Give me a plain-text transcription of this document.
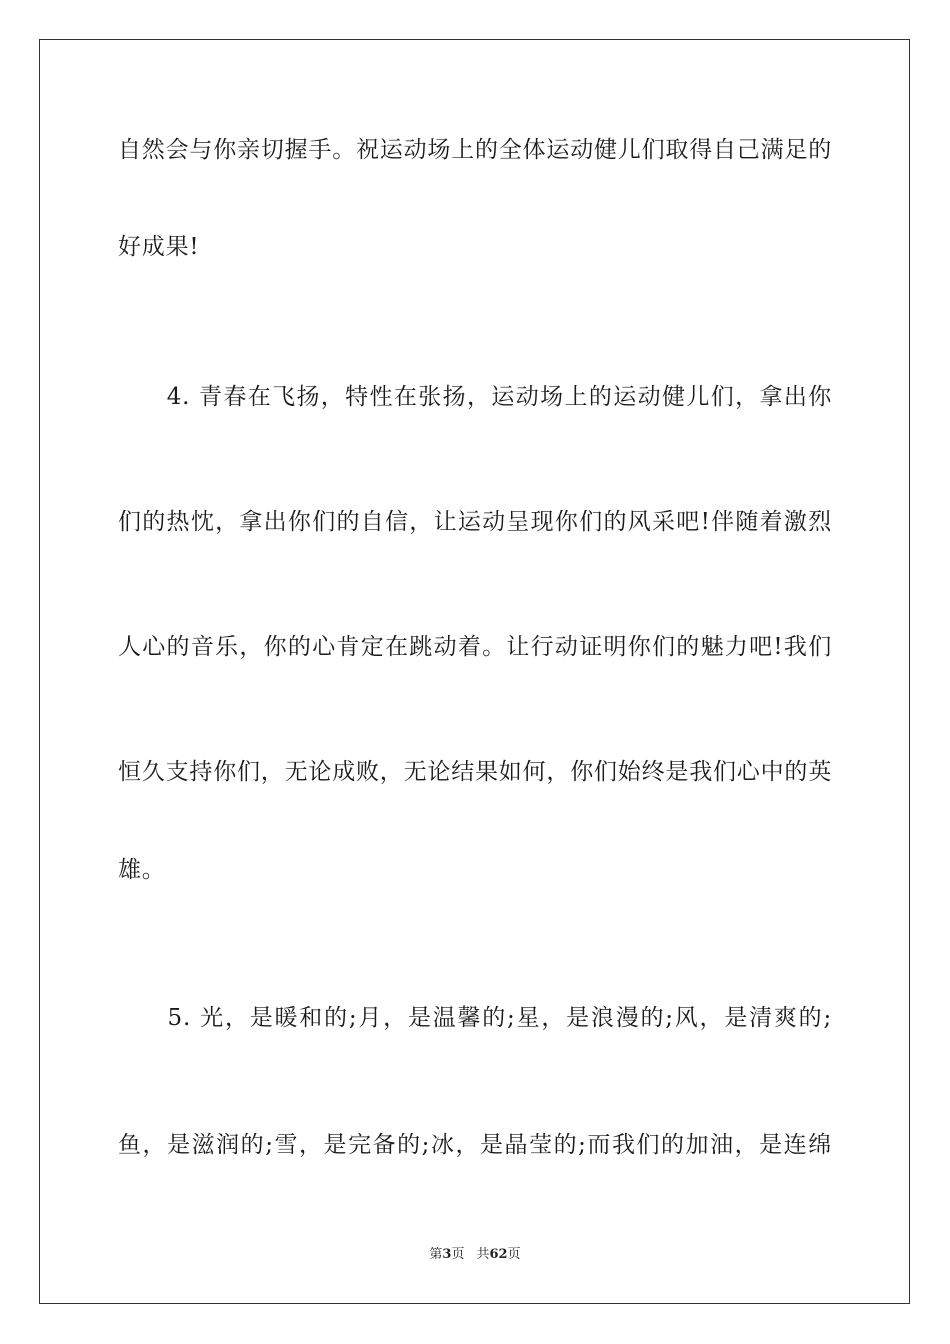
自然会与你亲切握手。祝运动场上的全体运动健儿们取得自己满足的
好成果!
　　4. 青春在飞扬，特性在张扬，运动场上的运动健儿们，拿出你
们的热忱，拿出你们的自信，让运动呈现你们的风采吧!伴随着激烈
人心的音乐，你的心肯定在跳动着。让行动证明你们的魅力吧!我们
恒久支持你们，无论成败，无论结果如何，你们始终是我们心中的英
雄。
　　5. 光，是暖和的;月，是温馨的;星，是浪漫的;风，是清爽的;
鱼，是滋润的;雪，是完备的;冰，是晶莹的;而我们的加油，是连绵
第3页 共62页
